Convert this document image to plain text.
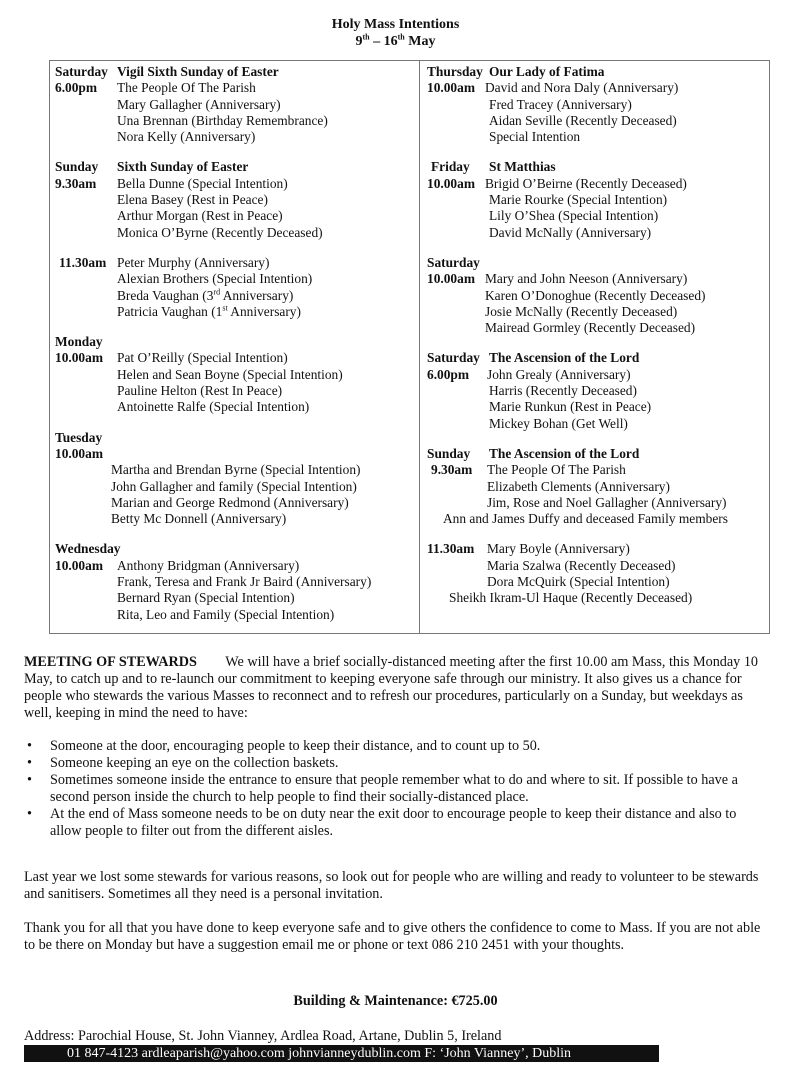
Holy Mass Intentions
9th – 16th May
Saturday Vigil Sixth Sunday of Easter
6.00pm	The People Of The Parish
Mary Gallagher (Anniversary)
Una Brennan (Birthday Remembrance)
Nora Kelly (Anniversary)
Sunday	Sixth Sunday of Easter
9.30am	Bella Dunne (Special Intention)
Elena Basey (Rest in Peace)
Arthur Morgan (Rest in Peace)
Monica O’Byrne (Recently Deceased)
11.30am Peter Murphy (Anniversary)
Alexian Brothers (Special Intention)
Breda Vaughan (3rd Anniversary)
Patricia Vaughan (1st Anniversary)
Monday
10.00am	Pat O’Reilly (Special Intention)
Helen and Sean Boyne (Special Intention)
Pauline Helton (Rest In Peace)
Antoinette Ralfe (Special Intention)
Tuesday
10.00am
Martha and Brendan Byrne (Special Intention)
John Gallagher and family (Special Intention)
Marian and George Redmond (Anniversary)
Betty Mc Donnell (Anniversary)
Wednesday
10.00am	Anthony Bridgman (Anniversary)
Frank, Teresa and Frank Jr Baird (Anniversary)
Bernard Ryan (Special Intention)
Rita, Leo and Family (Special Intention)
Thursday Our Lady of Fatima
10.00am David and Nora Daly (Anniversary)
Fred Tracey (Anniversary)
Aidan Seville (Recently Deceased)
Special Intention
Friday	St Matthias
10.00am Brigid O’Beirne (Recently Deceased)
Marie Rourke (Special Intention)
Lily O’Shea (Special Intention)
David McNally (Anniversary)
Saturday
10.00am Mary and John Neeson (Anniversary)
Karen O’Donoghue (Recently Deceased)
Josie McNally (Recently Deceased)
Mairead Gormley (Recently Deceased)
Saturday The Ascension of the Lord
6.00pm	John Grealy (Anniversary)
Harris (Recently Deceased)
Marie Runkun (Rest in Peace)
Mickey Bohan (Get Well)
Sunday	The Ascension of the Lord
9.30am	The People Of The Parish
Elizabeth Clements (Anniversary)
Jim, Rose and Noel Gallagher (Anniversary)
Ann and James Duffy and deceased Family members
11.30am Mary Boyle (Anniversary)
Maria Szalwa (Recently Deceased)
Dora McQuirk (Special Intention)
Sheikh Ikram-Ul Haque (Recently Deceased)
MEETING OF STEWARDS We will have a brief socially-distanced meeting after the first 10.00 am Mass, this Monday 10 May, to catch up and to re-launch our commitment to keeping everyone safe through our ministry. It also gives us a chance for people who stewards the various Masses to reconnect and to refresh our procedures, particularly on a Sunday, but weekdays as well, keeping in mind the need to have:
• Someone at the door, encouraging people to keep their distance, and to count up to 50.
• Someone keeping an eye on the collection baskets.
• Sometimes someone inside the entrance to ensure that people remember what to do and where to sit. If possible to have a second person inside the church to help people to find their socially-distanced place.
• At the end of Mass someone needs to be on duty near the exit door to encourage people to keep their distance and also to allow people to filter out from the different aisles.
Last year we lost some stewards for various reasons, so look out for people who are willing and ready to volunteer to be stewards and sanitisers. Sometimes all they need is a personal invitation.
Thank you for all that you have done to keep everyone safe and to give others the confidence to come to Mass. If you are not able to be there on Monday but have a suggestion email me or phone or text 086 210 2451 with your thoughts.
Building & Maintenance: €725.00
Address: Parochial House, St. John Vianney, Ardlea Road, Artane, Dublin 5, Ireland
01 847-4123 ardleaparish@yahoo.com johnvianneydublin.com F: ‘John Vianney’, Dublin
